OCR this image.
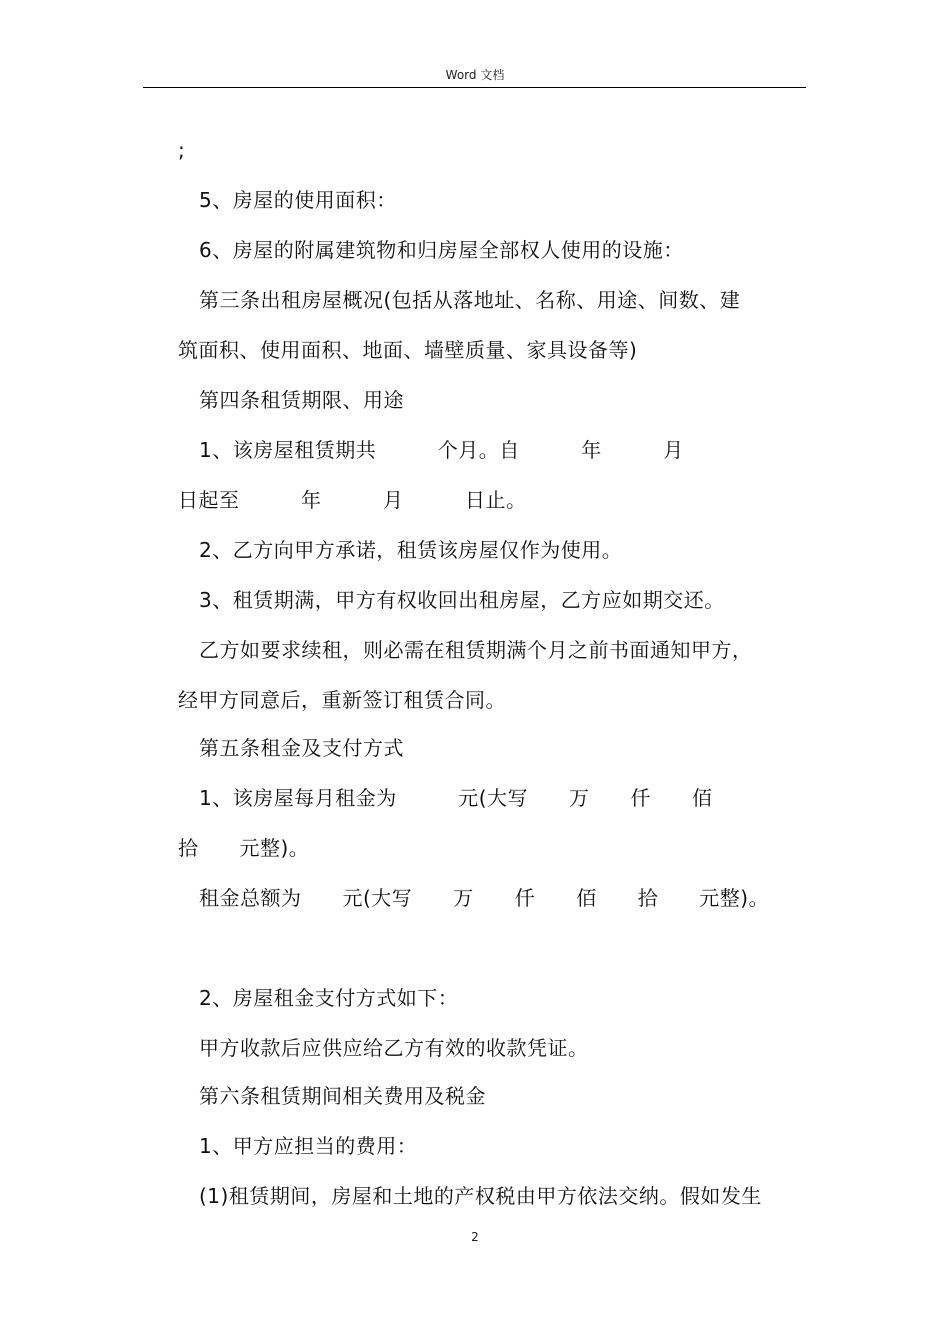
Word 文档
;
5、房屋的使用面积：
6、房屋的附属建筑物和归房屋全部权人使用的设施：
第三条出租房屋概况(包括从落地址、名称、用途、间数、建
筑面积、使用面积、地面、墙壁质量、家具设备等)
第四条租赁期限、用途
1、该房屋租赁期共　　　个月。自　　　年　　　月
日起至　　　年　　　月　　　日止。
2、乙方向甲方承诺，租赁该房屋仅作为使用。
3、租赁期满，甲方有权收回出租房屋，乙方应如期交还。
乙方如要求续租，则必需在租赁期满个月之前书面通知甲方，
经甲方同意后，重新签订租赁合同。
第五条租金及支付方式
1、该房屋每月租金为　　　元(大写　　万　　仟　　佰
拾　　元整)。
租金总额为　　元(大写　　万　　仟　　佰　　拾　　元整)。
2、房屋租金支付方式如下：
甲方收款后应供应给乙方有效的收款凭证。
第六条租赁期间相关费用及税金
1、甲方应担当的费用：
(1)租赁期间，房屋和土地的产权税由甲方依法交纳。假如发生
2
